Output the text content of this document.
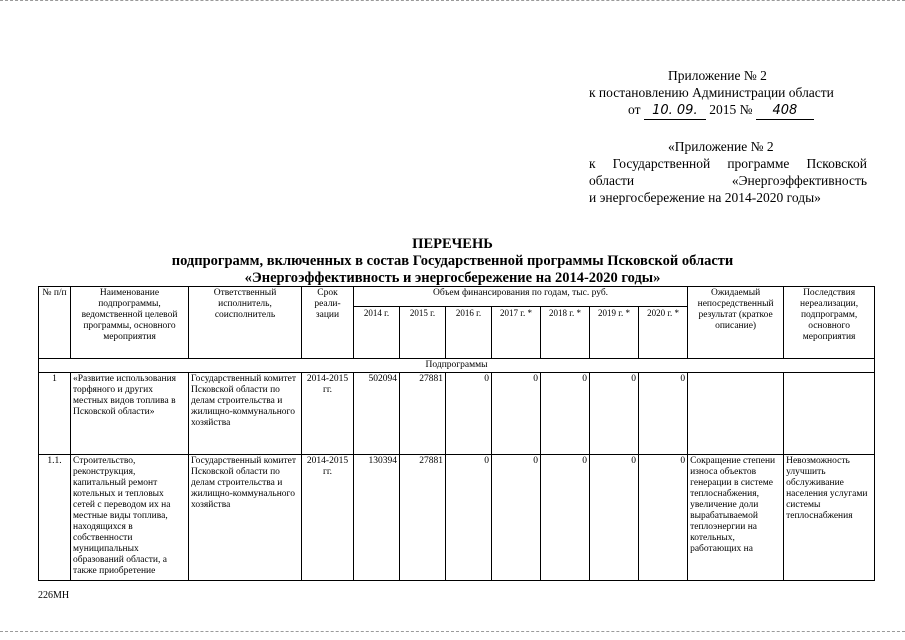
Приложение № 2
к постановлению Администрации области
от 10. 09. 2015 № 408
«Приложение № 2
к Государственной программе Псковской
области	«Энергоэффективность
и энергосбережение на 2014-2020 годы»
ПЕРЕЧЕНЬ
подпрограмм, включенных в состав Государственной программы Псковской области
«Энергоэффективность и энергосбережение на 2014-2020 годы»
№ п/п	Наименование подпрограммы, ведомственной целевой программы, основного мероприятия	Ответственный исполнитель, соисполнитель	Срок реали- зации	Объем финансирования по годам, тыс. руб.							Ожидаемый непосредственный результат (краткое описание)	Последствия нереализации, подпрограмм, основного мероприятия
				2014 г.	2015 г.	2016 г.	2017 г. *	2018 г. *	2019 г. *	2020 г. *		
Подпрограммы												
1	«Развитие использования торфяного и других местных видов топлива в Псковской области»	Государственный комитет Псковской области по делам строительства и жилищно-коммунального хозяйства	2014-2015 гг.	502094	27881	0	0	0	0	0		
1.1.	Строительство, реконструкция, капитальный ремонт котельных и тепловых сетей с переводом их на местные виды топлива, находящихся в собственности муниципальных образований области, а также приобретение	Государственный комитет Псковской области по делам строительства и жилищно-коммунального хозяйства	2014-2015 гг.	130394	27881	0	0	0	0	0	Сокращение степени износа объектов генерации в системе теплоснабжения, увеличение доли вырабатываемой теплоэнергии на котельных, работающих на	Невозможность улучшить обслуживание населения услугами системы теплоснабжения
226МН
